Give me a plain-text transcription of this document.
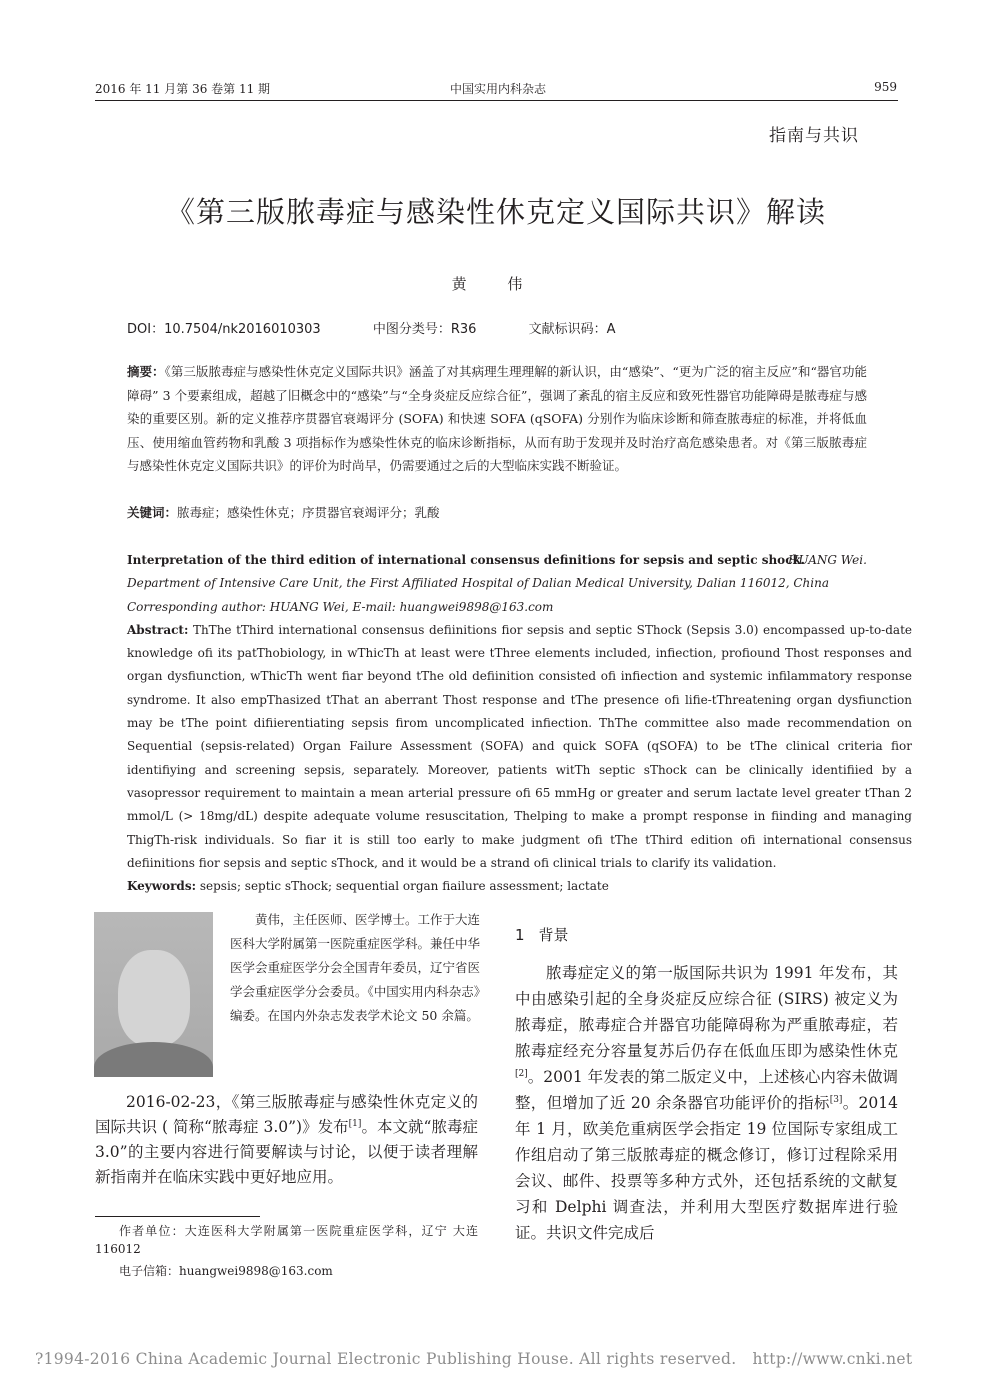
2016 年 11 月第 36 卷第 11 期	中国实用内科杂志	959
指南与共识
《第三版脓毒症与感染性休克定义国际共识》解读
黄 伟
DOI：10.7504/nk2016010303	中图分类号：R36	文献标识码：A
摘要：《第三版脓毒症与感染性休克定义国际共识》涵盖了对其病理生理理解的新认识，由“感染”、“更为广泛的宿主反应”和“器官功能障碍” 3 个要素组成，超越了旧概念中的“感染”与“全身炎症反应综合征”，强调了紊乱的宿主反应和致死性器官功能障碍是脓毒症与感染的重要区别。新的定义推荐序贯器官衰竭评分 (SOFA) 和快速 SOFA (qSOFA) 分别作为临床诊断和筛查脓毒症的标准，并将低血压、使用缩血管药物和乳酸 3 项指标作为感染性休克的临床诊断指标，从而有助于发现并及时治疗高危感染患者。对《第三版脓毒症与感染性休克定义国际共识》的评价为时尚早，仍需要通过之后的大型临床实践不断验证。
关键词：脓毒症；感染性休克；序贯器官衰竭评分；乳酸
Interpretation of the third edition of international consensus definitions for sepsis and septic shock.
HUANG Wei.
Department of Intensive Care Unit, the First Affiliated Hospital of Dalian Medical University, Dalian 116012, China
Corresponding author: HUANG Wei, E-mail: huangwei9898@163.com
Abstract: ThThe tThird international consensus defiinitions fior sepsis and septic SThock (Sepsis 3.0) encompassed up-to-date knowledge ofi its patThobiology, in wThicTh at least were tThree elements included, infiection, profiound Thost responses and organ dysfiunction, wThicTh went fiar beyond tThe old defiinition consisted ofi infiection and systemic infilammatory response syndrome. It also empThasized tThat an aberrant Thost response and tThe presence ofi lifie-tThreatening organ dysfiunction may be tThe point difiierentiating sepsis firom uncomplicated infiection. ThThe committee also made recommendation on Sequential (sepsis-related) Organ Failure Assessment (SOFA) and quick SOFA (qSOFA) to be tThe clinical criteria fior identifiying and screening sepsis, separately. Moreover, patients witTh septic sThock can be clinically identifiied by a vasopressor requirement to maintain a mean arterial pressure ofi 65 mmHg or greater and serum lactate level greater tThan 2 mmol/L (> 18mg/dL) despite adequate volume resuscitation, Thelping to make a prompt response in fiinding and managing ThigTh-risk individuals. So fiar it is still too early to make judgment ofi tThe tThird edition ofi international consensus defiinitions fior sepsis and septic sThock, and it would be a strand ofi clinical trials to clarify its validation.
Keywords: sepsis; septic sThock; sequential organ fiailure assessment; lactate
黄伟，主任医师、医学博士。工作于大连医科大学附属第一医院重症医学科。兼任中华医学会重症医学分会全国青年委员，辽宁省医学会重症医学分会委员。《中国实用内科杂志》编委。在国内外杂志发表学术论文 50 余篇。
2016-02-23，《第三版脓毒症与感染性休克定义的国际共识 ( 简称“脓毒症 3.0”)》发布[1]。本文就“脓毒症 3.0”的主要内容进行简要解读与讨论，以便于读者理解新指南并在临床实践中更好地应用。
作者单位：大连医科大学附属第一医院重症医学科，辽宁 大连 116012
电子信箱：huangwei9898@163.com
1 背景
脓毒症定义的第一版国际共识为 1991 年发布，其中由感染引起的全身炎症反应综合征 (SIRS) 被定义为脓毒症，脓毒症合并器官功能障碍称为严重脓毒症，若脓毒症经充分容量复苏后仍存在低血压即为感染性休克[2]。2001 年发表的第二版定义中，上述核心内容未做调整，但增加了近 20 余条器官功能评价的指标[3]。2014 年 1 月，欧美危重病医学会指定 19 位国际专家组成工作组启动了第三版脓毒症的概念修订，修订过程除采用会议、邮件、投票等多种方式外，还包括系统的文献复习和 Delphi 调查法，并利用大型医疗数据库进行验证。共识文件完成后
?1994-2016 China Academic Journal Electronic Publishing House. All rights reserved. http://www.cnki.net
